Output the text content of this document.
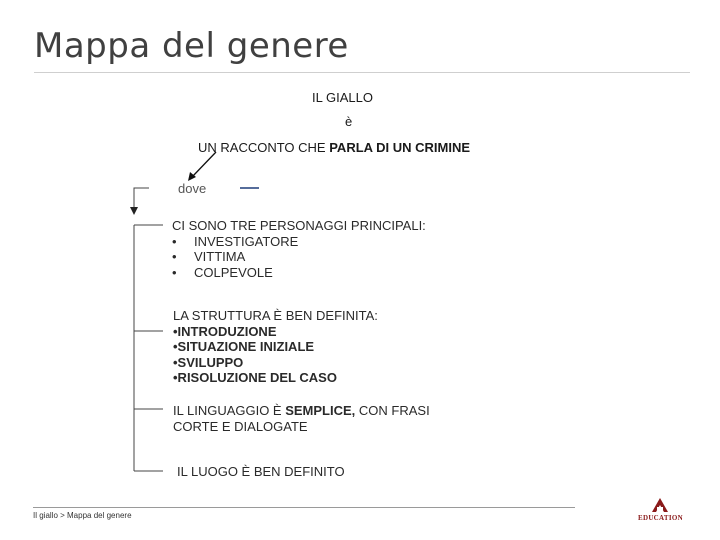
Mappa del genere
IL GIALLO
è
UN RACCONTO CHE PARLA DI UN CRIMINE
dove
CI SONO TRE PERSONAGGI PRINCIPALI:
•	INVESTIGATORE
•	VITTIMA
•	COLPEVOLE
LA STRUTTURA È BEN DEFINITA:
•INTRODUZIONE
•SITUAZIONE INIZIALE
•SVILUPPO
•RISOLUZIONE DEL CASO
IL LINGUAGGIO È SEMPLICE, CON FRASI
CORTE E DIALOGATE
IL LUOGO È BEN DEFINITO
Il giallo > Mappa del genere	EDUCATION
